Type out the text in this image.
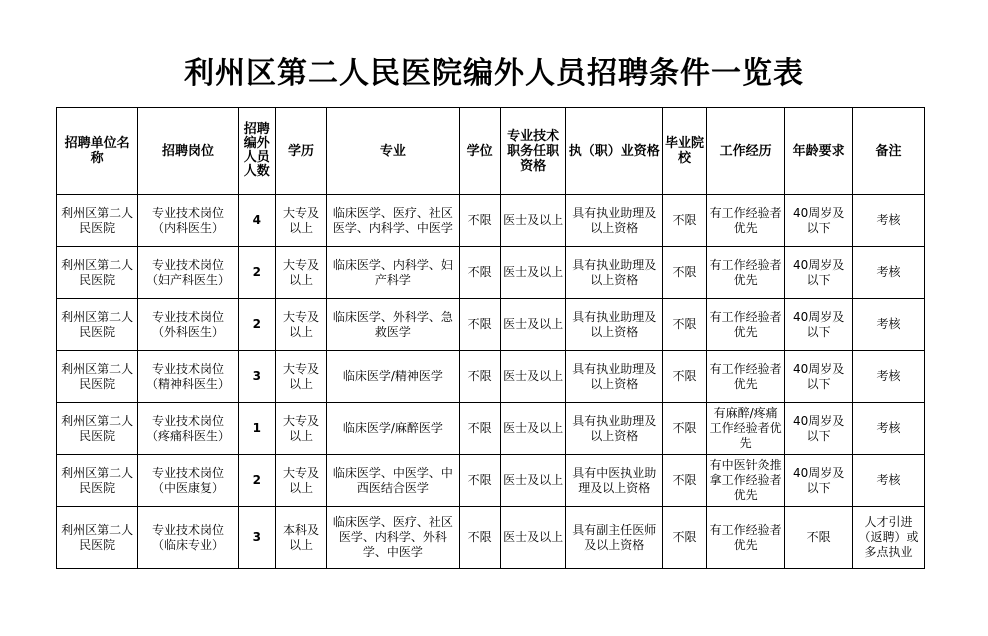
利州区第二人民医院编外人员招聘条件一览表
招聘单位名称	招聘岗位	招聘编外人员人数	学历	专业	学位	专业技术职务任职资格	执（职）业资格	毕业院校	工作经历	年龄要求	备注
利州区第二人民医院	专业技术岗位（内科医生）	4	大专及以上	临床医学、医疗、社区医学、内科学、中医学	不限	医士及以上	具有执业助理及以上资格	不限	有工作经验者优先	40周岁及以下	考核
利州区第二人民医院	专业技术岗位（妇产科医生）	2	大专及以上	临床医学、内科学、妇产科学	不限	医士及以上	具有执业助理及以上资格	不限	有工作经验者优先	40周岁及以下	考核
利州区第二人民医院	专业技术岗位（外科医生）	2	大专及以上	临床医学、外科学、急救医学	不限	医士及以上	具有执业助理及以上资格	不限	有工作经验者优先	40周岁及以下	考核
利州区第二人民医院	专业技术岗位（精神科医生）	3	大专及以上	临床医学/精神医学	不限	医士及以上	具有执业助理及以上资格	不限	有工作经验者优先	40周岁及以下	考核
利州区第二人民医院	专业技术岗位（疼痛科医生）	1	大专及以上	临床医学/麻醉医学	不限	医士及以上	具有执业助理及以上资格	不限	有麻醉/疼痛工作经验者优先	40周岁及以下	考核
利州区第二人民医院	专业技术岗位（中医康复）	2	大专及以上	临床医学、中医学、中西医结合医学	不限	医士及以上	具有中医执业助理及以上资格	不限	有中医针灸推拿工作经验者优先	40周岁及以下	考核
利州区第二人民医院	专业技术岗位（临床专业）	3	本科及以上	临床医学、医疗、社区医学、内科学、外科学、中医学	不限	医士及以上	具有副主任医师及以上资格	不限	有工作经验者优先	不限	人才引进（返聘）或多点执业
